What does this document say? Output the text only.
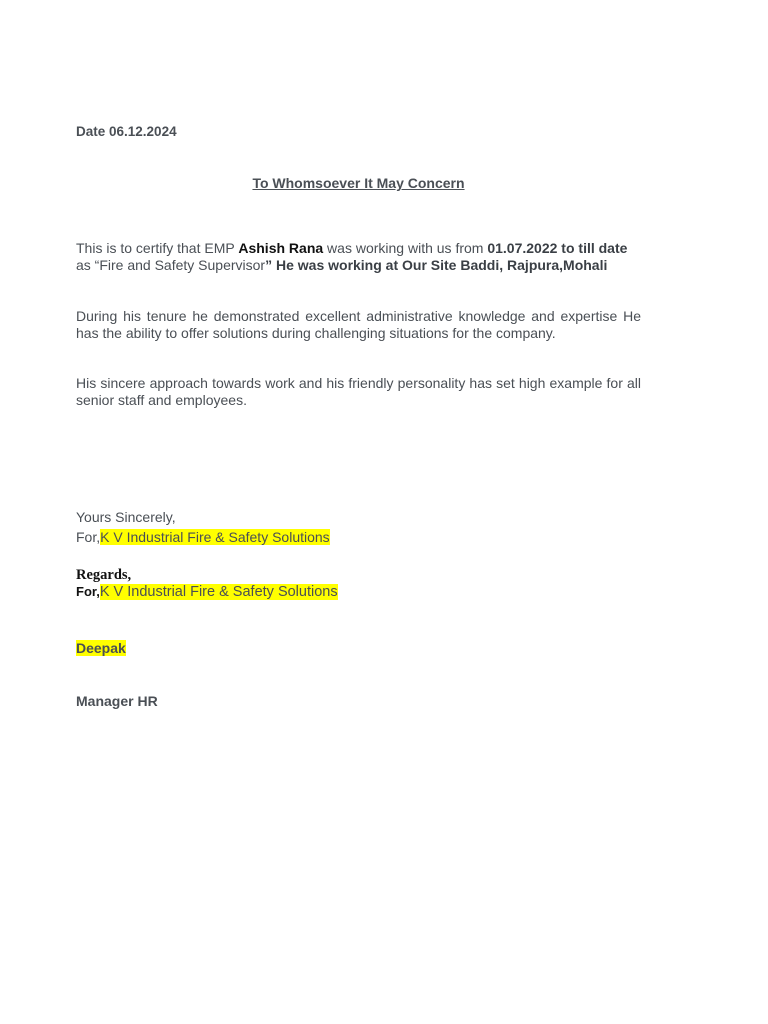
Date 06.12.2024
To Whomsoever It May Concern
This is to certify that EMP Ashish Rana was working with us from 01.07.2022 to till date
as “Fire and Safety Supervisor” He was working at Our Site Baddi, Rajpura,Mohali
During his tenure he demonstrated excellent administrative knowledge and expertise He has the ability to offer solutions during challenging situations for the company.
His sincere approach towards work and his friendly personality has set high example for all senior staff and employees.
Yours Sincerely,
For,K V Industrial Fire & Safety Solutions
Regards,
For,K V Industrial Fire & Safety Solutions
Deepak
Manager HR
